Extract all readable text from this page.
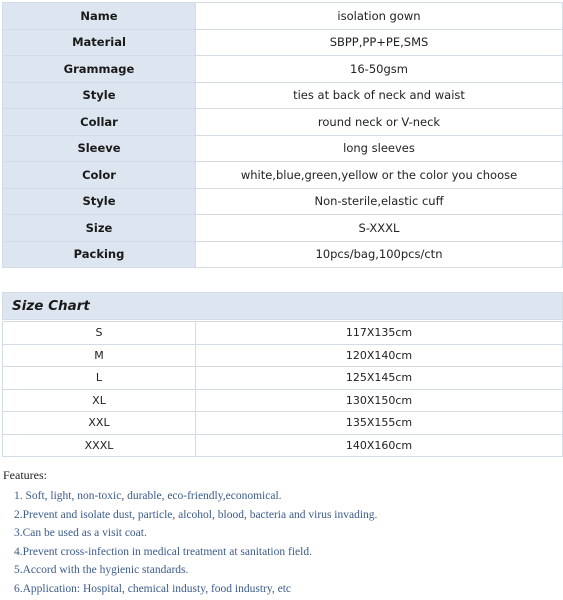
Name	isolation gown
Material	SBPP,PP+PE,SMS
Grammage	16-50gsm
Style	ties at back of neck and waist
Collar	round neck or V-neck
Sleeve	long sleeves
Color	white,blue,green,yellow or the color you choose
Style	Non-sterile,elastic cuff
Size	S-XXXL
Packing	10pcs/bag,100pcs/ctn
Size Chart
S	117X135cm
M	120X140cm
L	125X145cm
XL	130X150cm
XXL	135X155cm
XXXL	140X160cm
Features:
1. Soft, light, non-toxic, durable, eco-friendly,economical.
2.Prevent and isolate dust, particle, alcohol, blood, bacteria and virus invading.
3.Can be used as a visit coat.
4.Prevent cross-infection in medical treatment at sanitation field.
5.Accord with the hygienic standards.
6.Application: Hospital, chemical industy, food industry, etc
